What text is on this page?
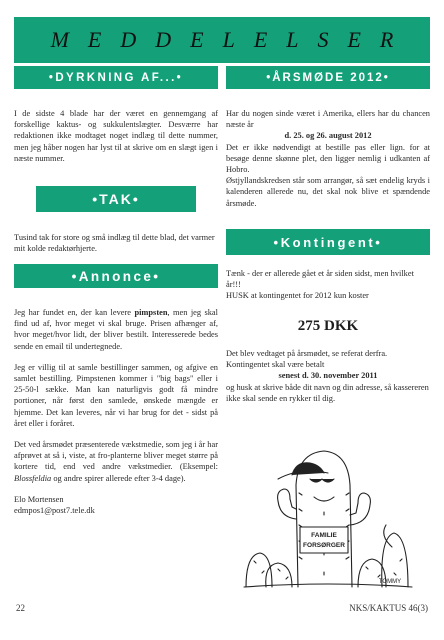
MEDDELELSER
•DYRKNING AF...•

I de sidste 4 blade har der været en gennemgang af forskellige kaktus- og sukkulentslægter. Desværre har redaktionen ikke modtaget noget indlæg til dette nummer, men jeg håber nogen har lyst til at skrive om en slægt igen i næste nummer.

•TAK•

Tusind tak for store og små indlæg til dette blad, det varmer mit kolde redaktørhjerte.

•Annonce•

Jeg har fundet en, der kan levere pimpsten, men jeg skal find ud af, hvor meget vi skal bruge. Prisen afhænger af, hvor meget/hvor lidt, der bliver bestilt. Interesserede bedes sende en email til undertegnede.

Jeg er villig til at samle bestillinger sammen, og afgive en samlet bestilling. Pimpstenen kommer i "big bags" eller i 25-50-l sække. Man kan naturligvis godt få mindre portioner, når først den samlede, ønskede mængde er hjemme. Det kan leveres, når vi har brug for det - sidst på året eller i foråret.

Det ved årsmødet præsenterede vækstmedie, som jeg i år har afprøvet at så i, viste, at fro-planterne bliver meget større på kortere tid, end ved andre vækstmedier. (Eksempel: Blossfeldia og andre spirer allerede efter 3-4 dage).

Elo Mortensen

edmpos1@post7.tele.dk

•ÅRSMØDE 2012•

Har du nogen sinde været i Amerika, ellers har du chancen næste år

d. 25. og 26. august 2012

Det er ikke nødvendigt at bestille pas eller lign. for at besøge denne skønne plet, den ligger nemlig i udkanten af Hobro.

Østjyllandskredsen står som arrangør, så sæt endelig kryds i kalenderen allerede nu, det skal nok blive et spændende årsmøde.

•Kontingent•

Tænk - der er allerede gået et år siden sidst, men hvilket år!!!

HUSK at kontingentet for 2012 kun koster

275 DKK

Det blev vedtaget på årsmødet, se referat derfra. Kontingentet skal være betalt

senest d. 30. november 2011

og husk at skrive både dit navn og din adresse, så kassereren ikke skal sende en rykker til dig.

FAMILIE
FORSØRGER
TOMMY
22	NKS/KAKTUS 46(3)
